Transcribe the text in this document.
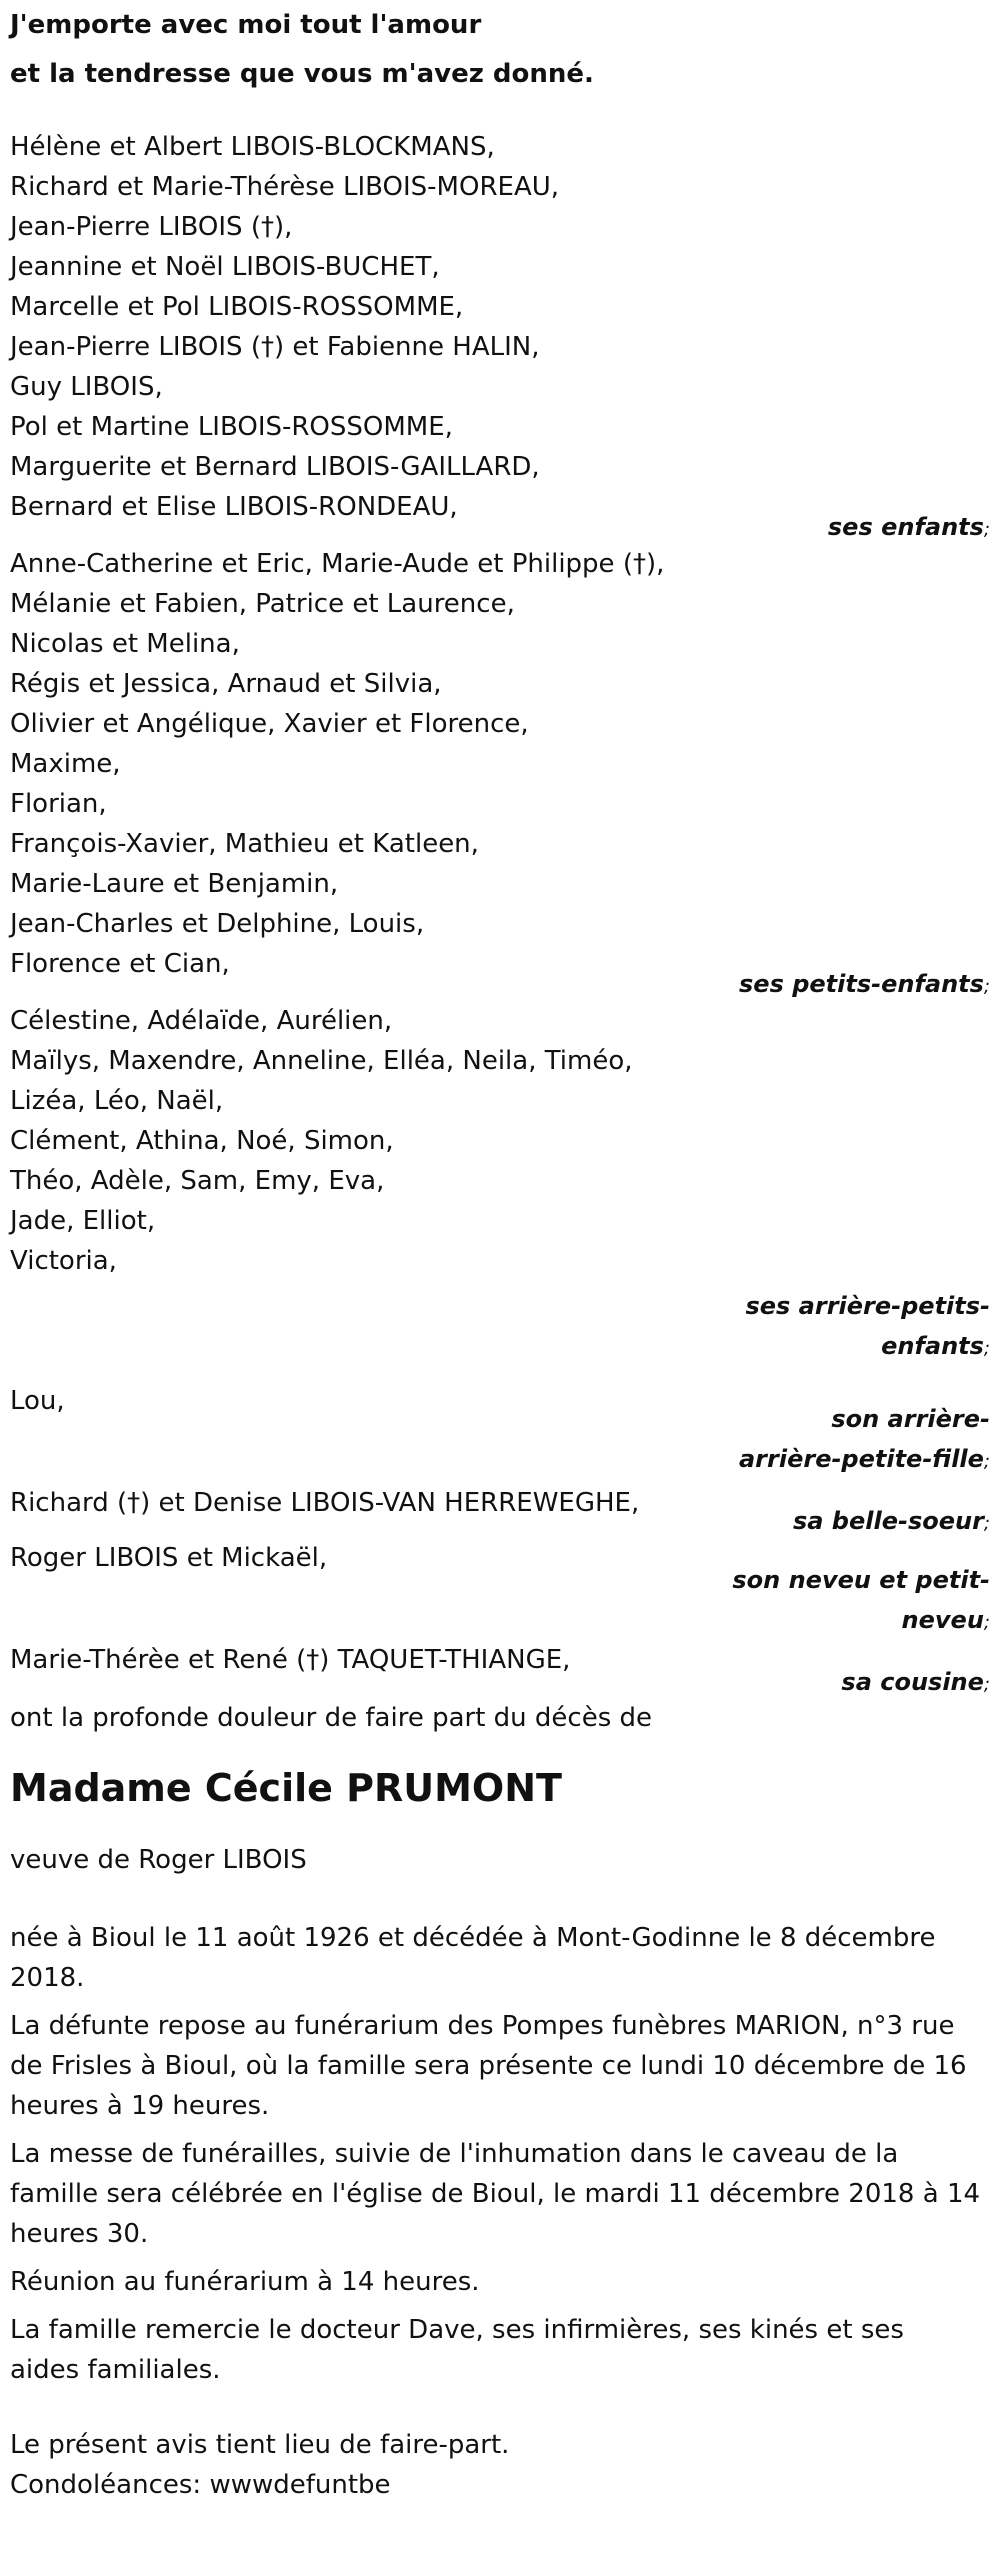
J'emporte avec moi tout l'amour
et la tendresse que vous m'avez donné.
Hélène et Albert LIBOIS-BLOCKMANS,
Richard et Marie-Thérèse LIBOIS-MOREAU,
Jean-Pierre LIBOIS (†),
Jeannine et Noël LIBOIS-BUCHET,
Marcelle et Pol LIBOIS-ROSSOMME,
Jean-Pierre LIBOIS (†) et Fabienne HALIN,
Guy LIBOIS,
Pol et Martine LIBOIS-ROSSOMME,
Marguerite et Bernard LIBOIS-GAILLARD,
Bernard et Elise LIBOIS-RONDEAU,
ses enfants;
Anne-Catherine et Eric, Marie-Aude et Philippe (†),
Mélanie et Fabien, Patrice et Laurence,
Nicolas et Melina,
Régis et Jessica, Arnaud et Silvia,
Olivier et Angélique, Xavier et Florence,
Maxime,
Florian,
François-Xavier, Mathieu et Katleen,
Marie-Laure et Benjamin,
Jean-Charles et Delphine, Louis,
Florence et Cian,
ses petits-enfants;
Célestine, Adélaïde, Aurélien,
Maïlys, Maxendre, Anneline, Elléa, Neila, Timéo,
Lizéa, Léo, Naël,
Clément, Athina, Noé, Simon,
Théo, Adèle, Sam, Emy, Eva,
Jade, Elliot,
Victoria,
ses arrière-petits-
enfants;
Lou,
son arrière-
arrière-petite-fille;
Richard (†) et Denise LIBOIS-VAN HERREWEGHE,
sa belle-soeur;
Roger LIBOIS et Mickaël,
son neveu et petit-
neveu;
Marie-Thérèe et René (†) TAQUET-THIANGE,
sa cousine;
ont la profonde douleur de faire part du décès de
Madame Cécile PRUMONT
veuve de Roger LIBOIS
née à Bioul le 11 août 1926 et décédée à Mont-Godinne le 8 décembre
2018.
La défunte repose au funérarium des Pompes funèbres MARION, n°3 rue
de Frisles à Bioul, où la famille sera présente ce lundi 10 décembre de 16
heures à 19 heures.
La messe de funérailles, suivie de l'inhumation dans le caveau de la
famille sera célébrée en l'église de Bioul, le mardi 11 décembre 2018 à 14
heures 30.
Réunion au funérarium à 14 heures.
La famille remercie le docteur Dave, ses infirmières, ses kinés et ses
aides familiales.
Le présent avis tient lieu de faire-part.
Condoléances: wwwdefuntbe
